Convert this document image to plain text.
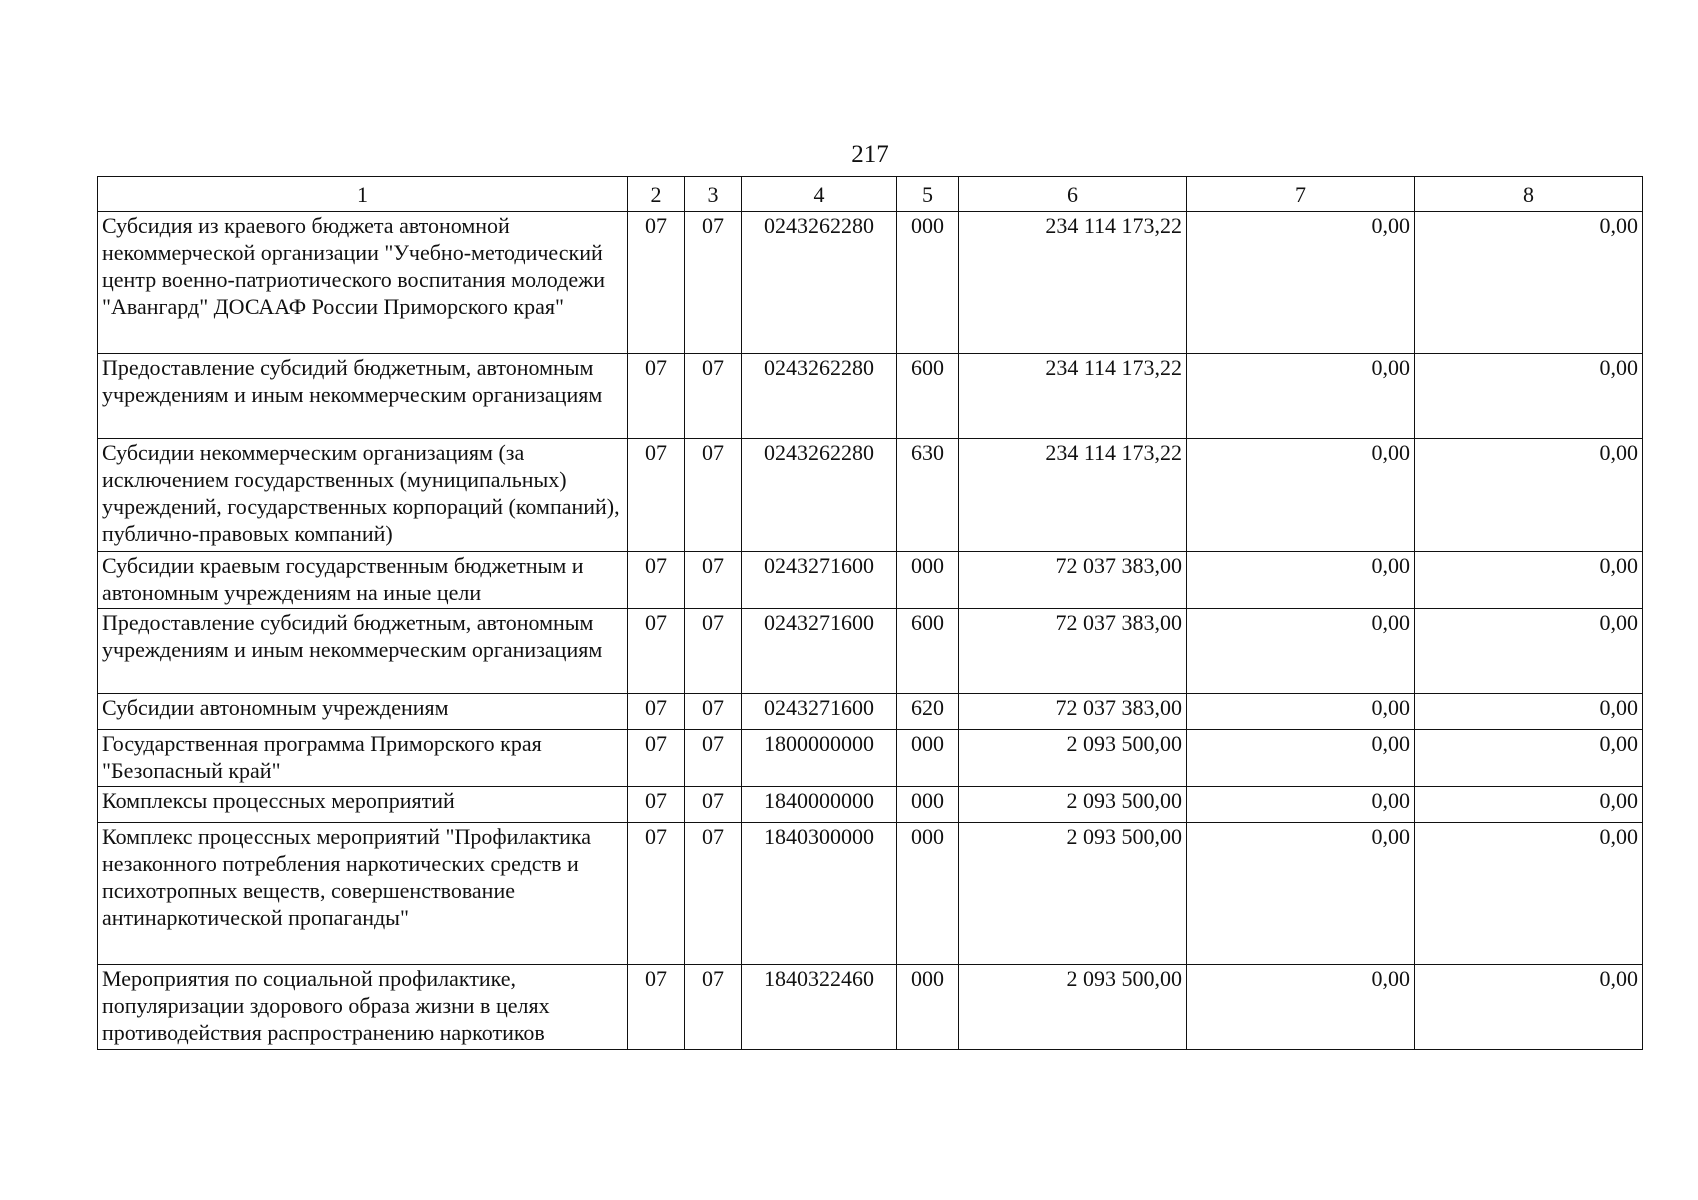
217
1	2	3	4	5	6	7	8
Субсидия из краевого бюджета автономной некоммерческой организации "Учебно-методический центр военно-патриотического воспитания молодежи "Авангард" ДОСААФ России Приморского края"	07	07	0243262280	000	234 114 173,22	0,00	0,00
Предоставление субсидий бюджетным, автономным учреждениям и иным некоммерческим организациям	07	07	0243262280	600	234 114 173,22	0,00	0,00
Субсидии некоммерческим организациям (за исключением государственных (муниципальных) учреждений, государственных корпораций (компаний), публично-правовых компаний)	07	07	0243262280	630	234 114 173,22	0,00	0,00
Субсидии краевым государственным бюджетным и автономным учреждениям на иные цели	07	07	0243271600	000	72 037 383,00	0,00	0,00
Предоставление субсидий бюджетным, автономным учреждениям и иным некоммерческим организациям	07	07	0243271600	600	72 037 383,00	0,00	0,00
Субсидии автономным учреждениям	07	07	0243271600	620	72 037 383,00	0,00	0,00
Государственная программа Приморского края "Безопасный край"	07	07	1800000000	000	2 093 500,00	0,00	0,00
Комплексы процессных мероприятий	07	07	1840000000	000	2 093 500,00	0,00	0,00
Комплекс процессных мероприятий "Профилактика незаконного потребления наркотических средств и психотропных веществ, совершенствование антинаркотической пропаганды"	07	07	1840300000	000	2 093 500,00	0,00	0,00
Мероприятия по социальной профилактике, популяризации здорового образа жизни в целях противодействия распространению наркотиков	07	07	1840322460	000	2 093 500,00	0,00	0,00
